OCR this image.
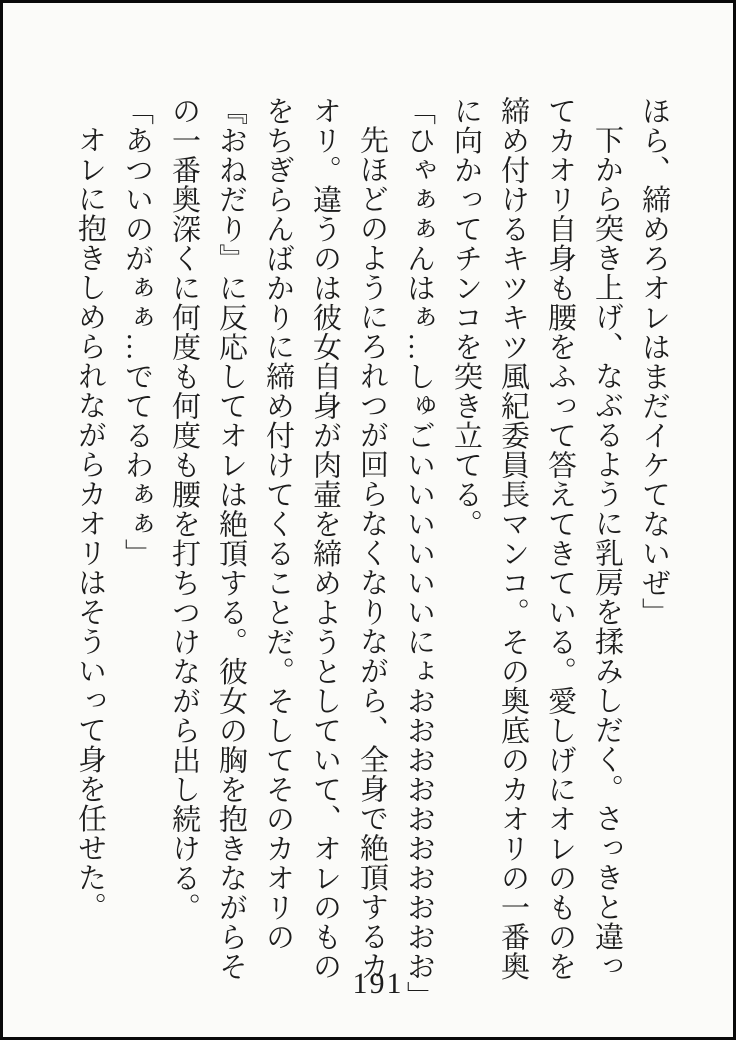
ほら、締めろオレはまだイケてないぜ」

下から突き上げ、なぶるように乳房を揉みしだく。さっきと違ってカオリ自身も腰をふって答えてきている。愛しげにオレのものを締め付けるキツキツ風紀委員長マンコ。その奥底のカオリの一番奥に向かってチンコを突き立てる。

「ひゃぁぁんはぁ…しゅごいいいいいいにょおおおおおおおおおお」

先ほどのようにろれつが回らなくなりながら、全身で絶頂するカオリ。違うのは彼女自身が肉壷を締めようとしていて、オレのものをちぎらんばかりに締め付けてくることだ。そしてそのカオリの『おねだり』に反応してオレは絶頂する。彼女の胸を抱きながらその一番奥深くに何度も何度も腰を打ちつけながら出し続ける。

「あついのがぁぁ…でてるわぁぁ」

オレに抱きしめられながらカオリはそういって身を任せた。

191
